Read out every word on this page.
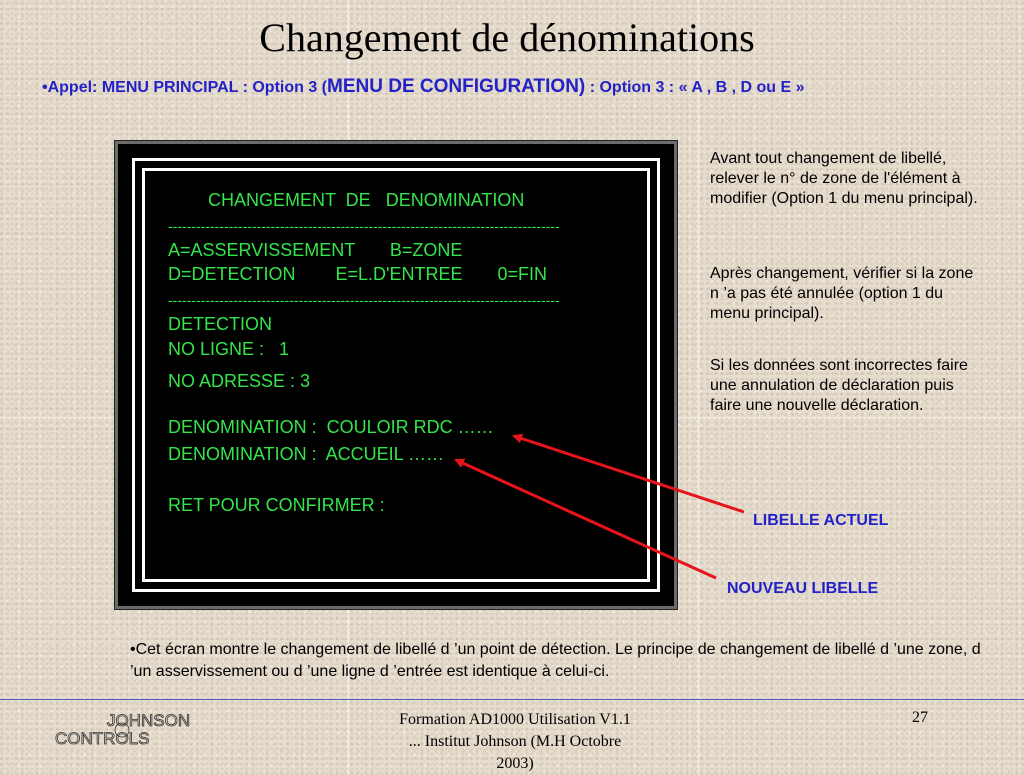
Changement de dénominations
•Appel: MENU PRINCIPAL : Option 3 (MENU DE CONFIGURATION) : Option 3 : « A , B , D ou E »
CHANGEMENT  DE   DENOMINATION
------------------------------------------------------------------------------------
A=ASSERVISSEMENT       B=ZONE
D=DETECTION        E=L.D'ENTREE       0=FIN
------------------------------------------------------------------------------------
DETECTION
NO LIGNE :   1
NO ADRESSE : 3
DENOMINATION :  COULOIR RDC ……
DENOMINATION :  ACCUEIL ……
RET POUR CONFIRMER :
Avant tout changement de libellé, relever le n° de zone de l'élément à modifier (Option 1 du menu principal).
Après changement, vérifier si la zone n ’a pas été annulée (option 1 du menu principal).
Si les données sont incorrectes faire une annulation de déclaration puis faire une nouvelle déclaration.
LIBELLE ACTUEL
NOUVEAU LIBELLE
•Cet écran montre le changement de libellé d ’un point de détection. Le principe de changement de libellé d ’une zone, d ’un asservissement ou d ’une ligne d ’entrée est identique à celui-ci.
JOHNSON
CONTROLS
Formation AD1000 Utilisation V1.1
... Institut Johnson (M.H Octobre
2003)
27
